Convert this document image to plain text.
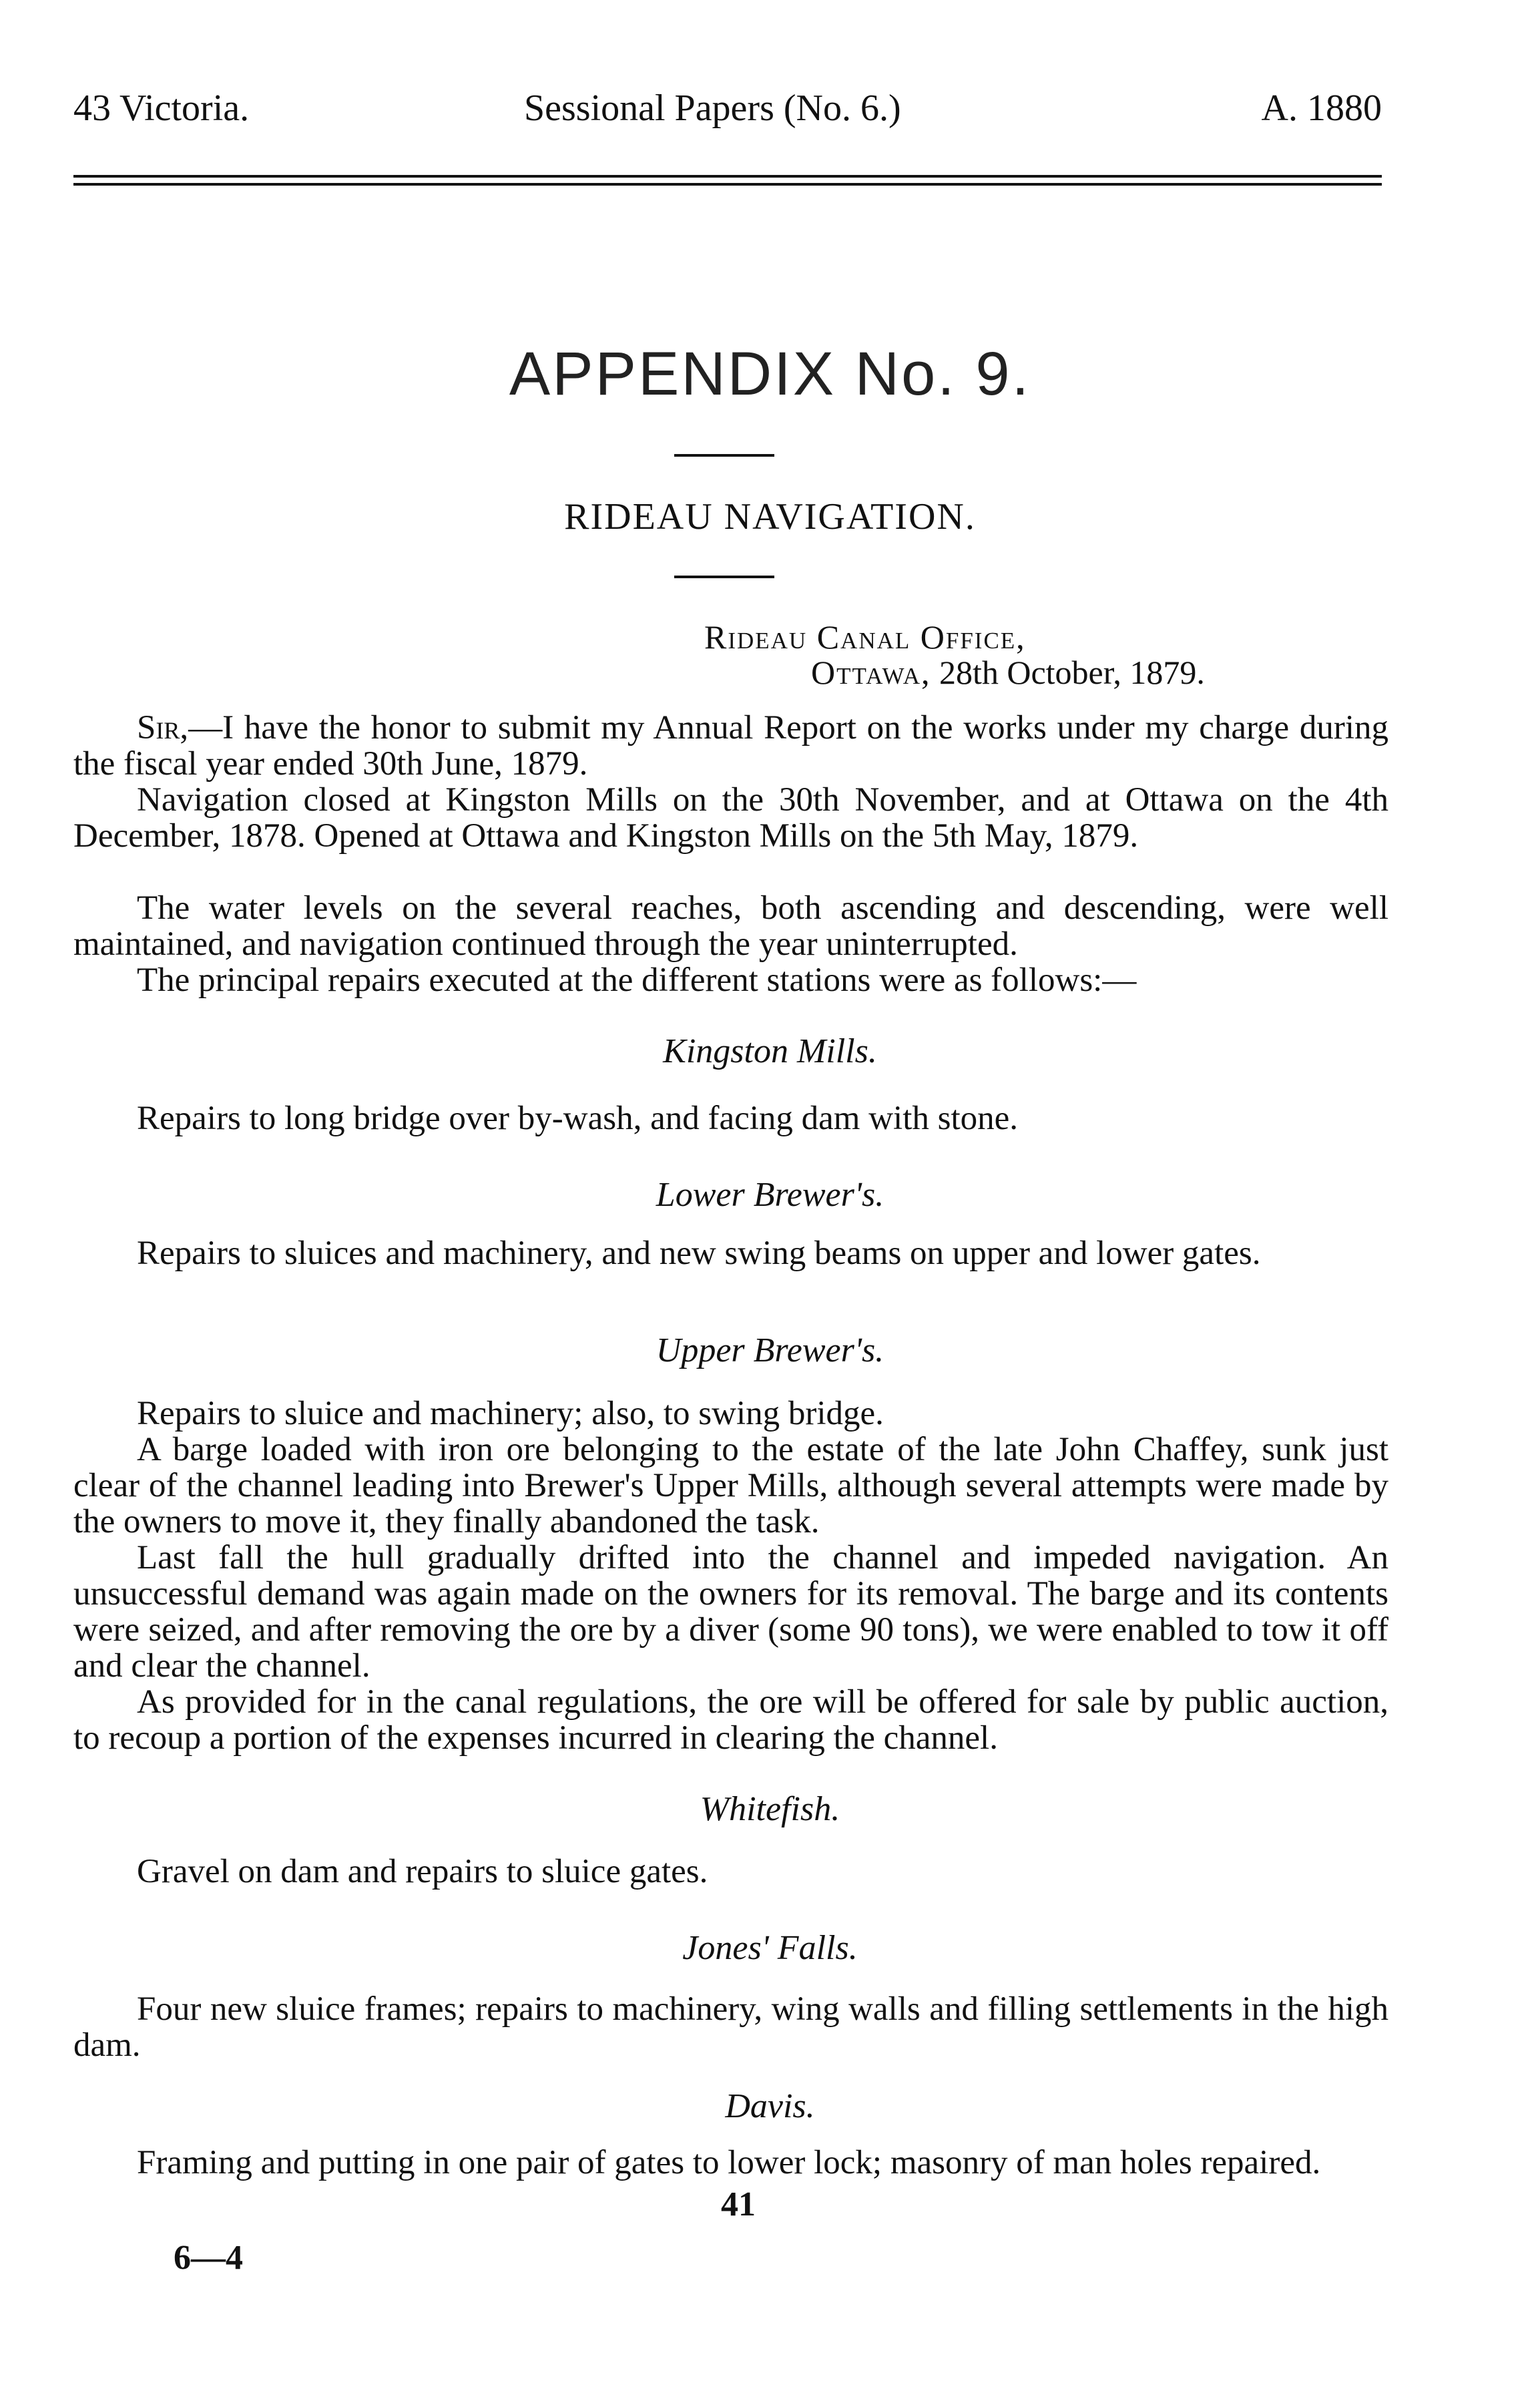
43 Victoria.	Sessional Papers (No. 6.)	A. 1880
APPENDIX No. 9.
RIDEAU NAVIGATION.
Rideau Canal Office,
Ottawa, 28th October, 1879.

Sir,—I have the honor to submit my Annual Report on the works under my charge during the fiscal year ended 30th June, 1879.

Navigation closed at Kingston Mills on the 30th November, and at Ottawa on the 4th December, 1878. Opened at Ottawa and Kingston Mills on the 5th May, 1879.

The water levels on the several reaches, both ascending and descending, were well maintained, and navigation continued through the year uninterrupted.

The principal repairs executed at the different stations were as follows:—

Kingston Mills.

Repairs to long bridge over by-wash, and facing dam with stone.

Lower Brewer's.

Repairs to sluices and machinery, and new swing beams on upper and lower gates.

Upper Brewer's.

Repairs to sluice and machinery; also, to swing bridge.

A barge loaded with iron ore belonging to the estate of the late John Chaffey, sunk just clear of the channel leading into Brewer's Upper Mills, although several attempts were made by the owners to move it, they finally abandoned the task.

Last fall the hull gradually drifted into the channel and impeded navigation. An unsuccessful demand was again made on the owners for its removal. The barge and its contents were seized, and after removing the ore by a diver (some 90 tons), we were enabled to tow it off and clear the channel.

As provided for in the canal regulations, the ore will be offered for sale by public auction, to recoup a portion of the expenses incurred in clearing the channel.

Whitefish.

Gravel on dam and repairs to sluice gates.

Jones' Falls.

Four new sluice frames; repairs to machinery, wing walls and filling settlements in the high dam.

Davis.

Framing and putting in one pair of gates to lower lock; masonry of man holes repaired.

41
6—4
